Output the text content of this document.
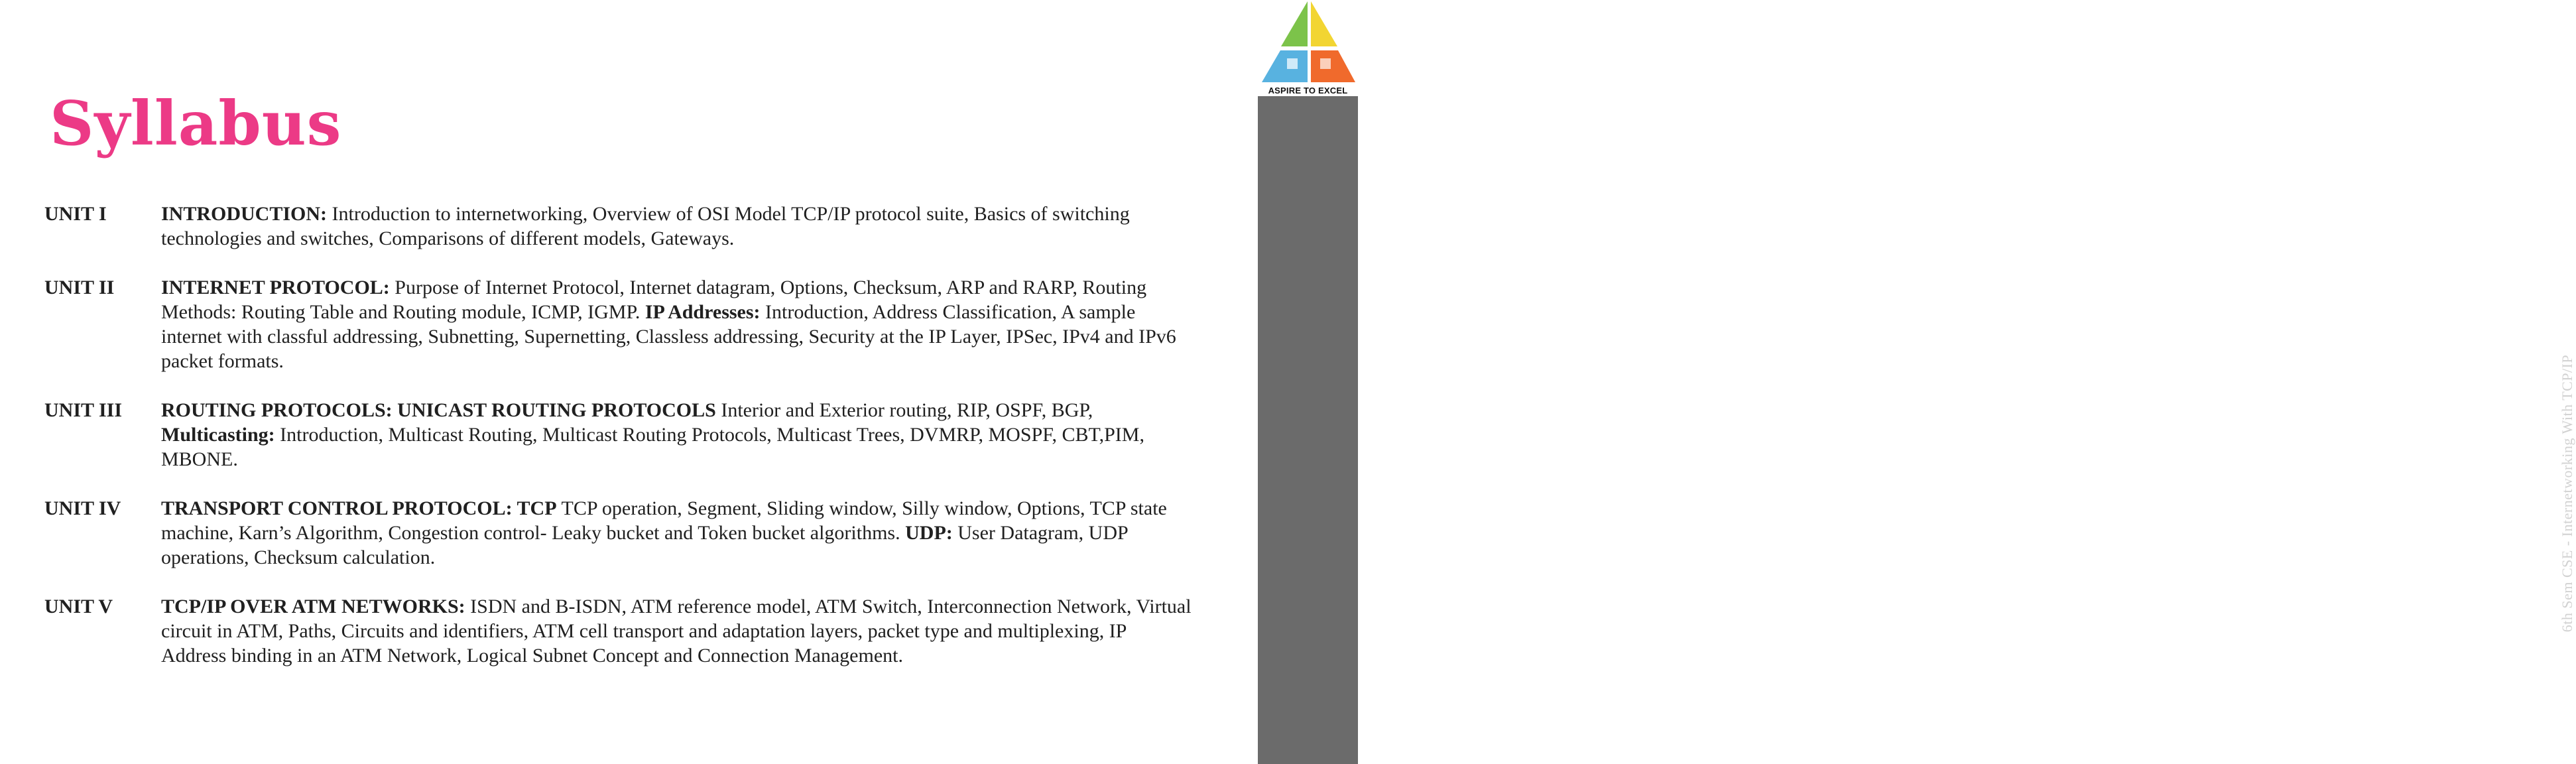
Syllabus
UNIT I	INTRODUCTION: Introduction to internetworking, Overview of OSI Model TCP/IP protocol suite, Basics of switching technologies and switches, Comparisons of different models, Gateways.
UNIT II INTERNET PROTOCOL: Purpose of Internet Protocol, Internet datagram, Options, Checksum, ARP and RARP, Routing Methods: Routing Table and Routing module, ICMP, IGMP. IP Addresses: Introduction, Address Classification, A sample internet with classful addressing, Subnetting, Supernetting, Classless addressing, Security at the IP Layer, IPSec, IPv4 and IPv6 packet formats.
UNIT III ROUTING PROTOCOLS: UNICAST ROUTING PROTOCOLS Interior and Exterior routing, RIP, OSPF, BGP, Multicasting: Introduction, Multicast Routing, Multicast Routing Protocols, Multicast Trees, DVMRP, MOSPF, CBT,PIM, MBONE.
UNIT IV TRANSPORT CONTROL PROTOCOL: TCP TCP operation, Segment, Sliding window, Silly window, Options, TCP state machine, Karn’s Algorithm, Congestion control- Leaky bucket and Token bucket algorithms. UDP: User Datagram, UDP operations, Checksum calculation.
UNIT V TCP/IP OVER ATM NETWORKS: ISDN and B-ISDN, ATM reference model, ATM Switch, Interconnection Network, Virtual circuit in ATM, Paths, Circuits and identifiers, ATM cell transport and adaptation layers, packet type and multiplexing, IP Address binding in an ATM Network, Logical Subnet Concept and Connection Management.
ASPIRE TO EXCEL
6th Sem CSE - Internetworking With TCP/IP
